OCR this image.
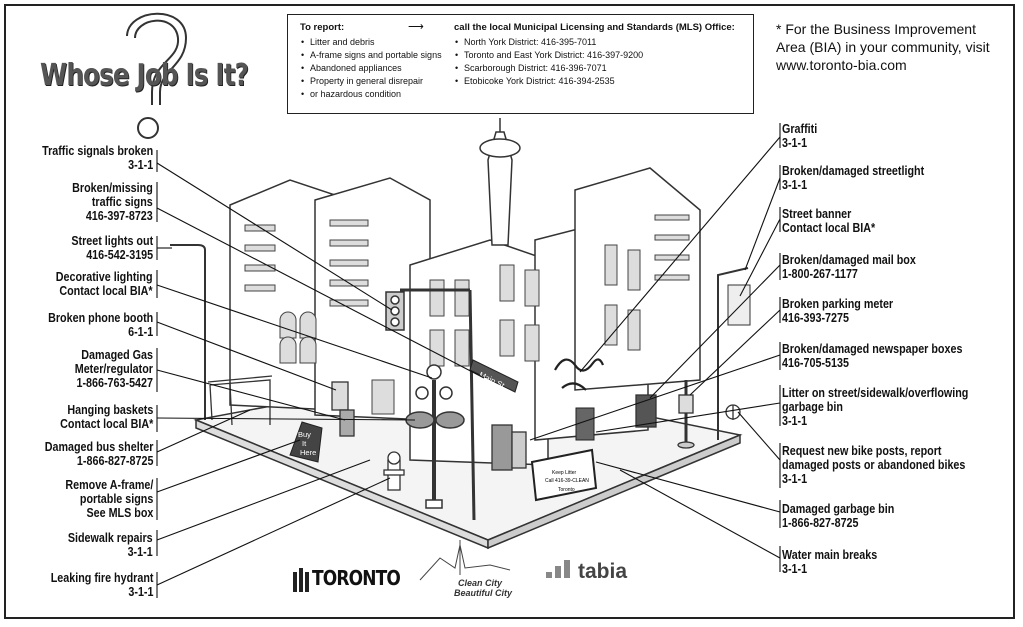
Main St
Buy
It
Here
Keep Litter
Call 416-39-CLEAN
Toronto
Whose Job Is It?
To report:
• Litter and debris
• A-frame signs and portable signs
• Abandoned appliances
• Property in general disrepair
• or hazardous condition
⟶	call the local Municipal Licensing and Standards (MLS) Office:
• North York District: 416-395-7011
• Toronto and East York District: 416-397-9200
• Scarborough District: 416-396-7071
• Etobicoke York District: 416-394-2535
* For the Business Improvement Area (BIA) in your community, visit www.toronto-bia.com
Traffic signals broken
3-1-1
Broken/missing
traffic signs
416-397-8723
Street lights out
416-542-3195
Decorative lighting
Contact local BIA*
Broken phone booth
6-1-1
Damaged Gas
Meter/regulator
1-866-763-5427
Hanging baskets
Contact local BIA*
Damaged bus shelter
1-866-827-8725
Remove A-frame/
portable signs
See MLS box
Sidewalk repairs
3-1-1
Leaking fire hydrant
3-1-1
Graffiti
3-1-1
Broken/damaged streetlight
3-1-1
Street banner
Contact local BIA*
Broken/damaged mail box
1-800-267-1177
Broken parking meter
416-393-7275
Broken/damaged newspaper boxes
416-705-5135
Litter on street/sidewalk/overflowing
garbage bin
3-1-1
Request new bike posts, report
damaged posts or abandoned bikes
3-1-1
Damaged garbage bin
1-866-827-8725
Water main breaks
3-1-1
TORONTO	Clean City
Beautiful City
tabia
